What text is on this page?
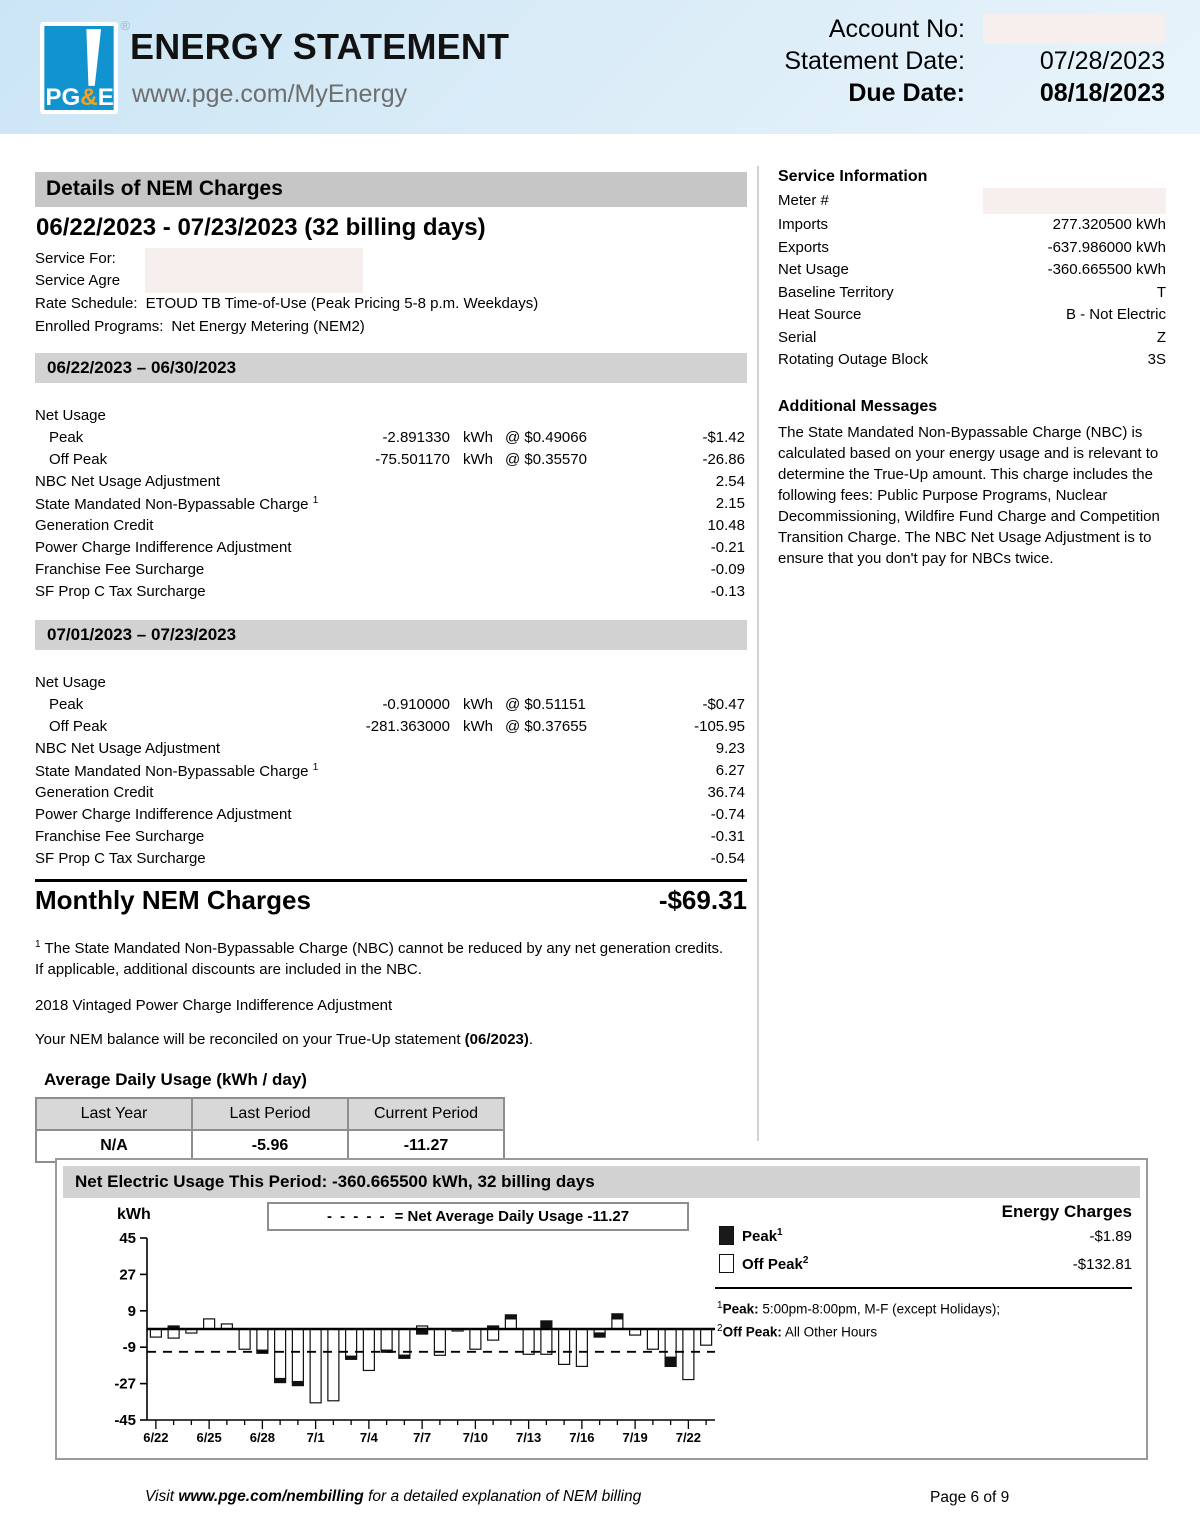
®
PG&E
ENERGY STATEMENT
www.pge.com/MyEnergy
Account No:
Statement Date:	07/28/2023
Due Date:	08/18/2023
Details of NEM Charges
06/22/2023 - 07/23/2023 (32 billing days)
Service For:
Service Agre
Rate Schedule: ETOUD TB Time-of-Use (Peak Pricing 5-8 p.m. Weekdays)
Enrolled Programs: Net Energy Metering (NEM2)
06/22/2023 – 06/30/2023
Net Usage
Peak	-2.891330 kWh @ $0.49066	-$1.42
Off Peak	-75.501170 kWh @ $0.35570	-26.86
NBC Net Usage Adjustment	2.54
State Mandated Non-Bypassable Charge $^1$	2.15
Generation Credit	10.48
Power Charge Indifference Adjustment	-0.21
Franchise Fee Surcharge	-0.09
SF Prop C Tax Surcharge	-0.13
07/01/2023 – 07/23/2023
Net Usage
Peak	-0.910000 kWh @ $0.51151	-$0.47
Off Peak	-281.363000 kWh @ $0.37655	-105.95
NBC Net Usage Adjustment	9.23
State Mandated Non-Bypassable Charge $^1$	6.27
Generation Credit	36.74
Power Charge Indifference Adjustment	-0.74
Franchise Fee Surcharge	-0.31
SF Prop C Tax Surcharge	-0.54
Monthly NEM Charges	-$69.31
$^1$ The State Mandated Non-Bypassable Charge (NBC) cannot be reduced by any net generation credits. If applicable, additional discounts are included in the NBC.
2018 Vintaged Power Charge Indifference Adjustment
Your NEM balance will be reconciled on your True-Up statement (06/2023).
Average Daily Usage (kWh / day)
Last Year	Last Period	Current Period
N/A	-5.96	-11.27
Service Information
Meter #
Imports	277.320500 kWh
Exports	-637.986000 kWh
Net Usage	-360.665500 kWh
Baseline Territory	T
Heat Source	B - Not Electric
Serial	Z
Rotating Outage Block	3S
Additional Messages
The State Mandated Non-Bypassable Charge (NBC) is calculated based on your energy usage and is relevant to determine the True-Up amount. This charge includes the following fees: Public Purpose Programs, Nuclear Decommissioning, Wildfire Fund Charge and Competition Transition Charge. The NBC Net Usage Adjustment is to ensure that you don't pay for NBCs twice.
Net Electric Usage This Period: -360.665500 kWh, 32 billing days
kWh	- - - - - = Net Average Daily Usage -11.27
45
27
9
-9
-27
-45
6/22 6/25 6/28 7/1	7/4	7/7 7/10 7/13 7/16 7/19 7/22
Energy Charges
$^1$Peak: 5:00pm-8:00pm, M-F (except Holidays);
$^2$Off Peak: All Other Hours
Peak$^1$	-$1.89
Off Peak$^2$	-$132.81
Visit www.pge.com/nembilling for a detailed explanation of NEM billing	Page 6 of 9
